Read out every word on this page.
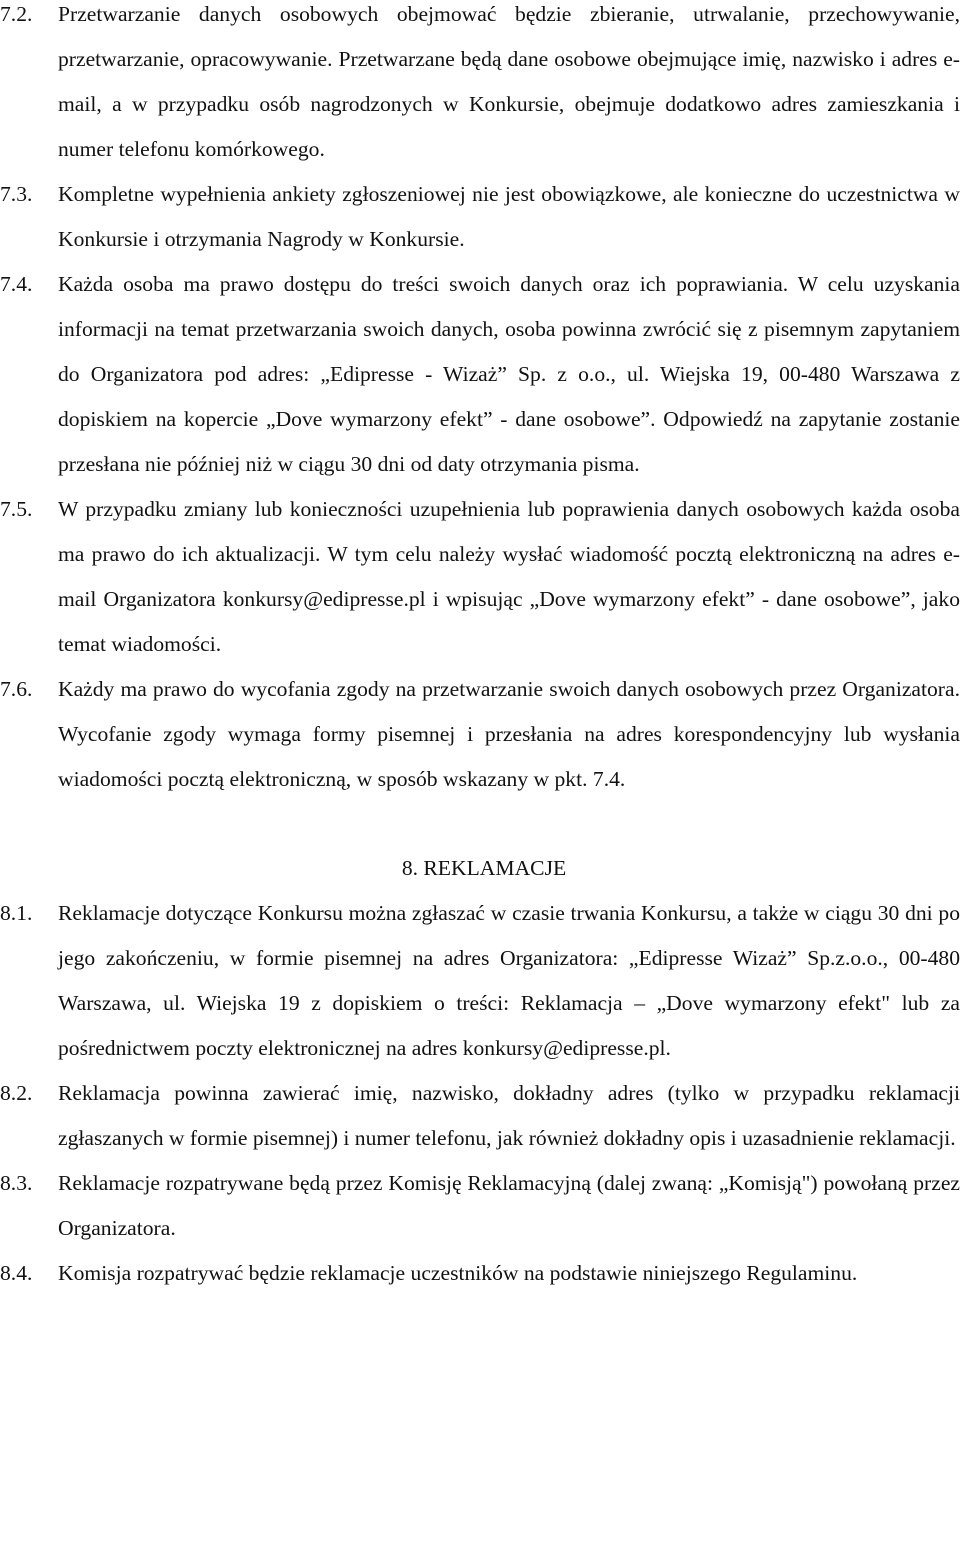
7.2.	Przetwarzanie danych osobowych obejmować będzie zbieranie, utrwalanie, przechowywanie, przetwarzanie, opracowywanie. Przetwarzane będą dane osobowe obejmujące imię, nazwisko i adres e-mail, a w przypadku osób nagrodzonych w Konkursie, obejmuje dodatkowo adres zamieszkania i numer telefonu komórkowego.
7.3.	Kompletne wypełnienia ankiety zgłoszeniowej nie jest obowiązkowe, ale konieczne do uczestnictwa w Konkursie i otrzymania Nagrody w Konkursie.
7.4.	Każda osoba ma prawo dostępu do treści swoich danych oraz ich poprawiania. W celu uzyskania informacji na temat przetwarzania swoich danych, osoba powinna zwrócić się z pisemnym zapytaniem do Organizatora pod adres: „Edipresse - Wizaż” Sp. z o.o., ul. Wiejska 19, 00-480 Warszawa z dopiskiem na kopercie „Dove wymarzony efekt” - dane osobowe”. Odpowiedź na zapytanie zostanie przesłana nie później niż w ciągu 30 dni od daty otrzymania pisma.
7.5.	W przypadku zmiany lub konieczności uzupełnienia lub poprawienia danych osobowych każda osoba ma prawo do ich aktualizacji. W tym celu należy wysłać wiadomość pocztą elektroniczną na adres e-mail Organizatora konkursy@edipresse.pl i wpisując „Dove wymarzony efekt” - dane osobowe”, jako temat wiadomości.
7.6.	Każdy ma prawo do wycofania zgody na przetwarzanie swoich danych osobowych przez Organizatora. Wycofanie zgody wymaga formy pisemnej i przesłania na adres korespondencyjny lub wysłania wiadomości pocztą elektroniczną, w sposób wskazany w pkt. 7.4.
8. REKLAMACJE
8.1.	Reklamacje dotyczące Konkursu można zgłaszać w czasie trwania Konkursu, a także w ciągu 30 dni po jego zakończeniu, w formie pisemnej na adres Organizatora: „Edipresse Wizaż” Sp.z.o.o., 00-480 Warszawa, ul. Wiejska 19 z dopiskiem o treści: Reklamacja – „Dove wymarzony efekt" lub za pośrednictwem poczty elektronicznej na adres konkursy@edipresse.pl.
8.2.	Reklamacja powinna zawierać imię, nazwisko, dokładny adres (tylko w przypadku reklamacji zgłaszanych w formie pisemnej) i numer telefonu, jak również dokładny opis i uzasadnienie reklamacji.
8.3.	Reklamacje rozpatrywane będą przez Komisję Reklamacyjną (dalej zwaną: „Komisją") powołaną przez Organizatora.
8.4.	Komisja rozpatrywać będzie reklamacje uczestników na podstawie niniejszego Regulaminu.
